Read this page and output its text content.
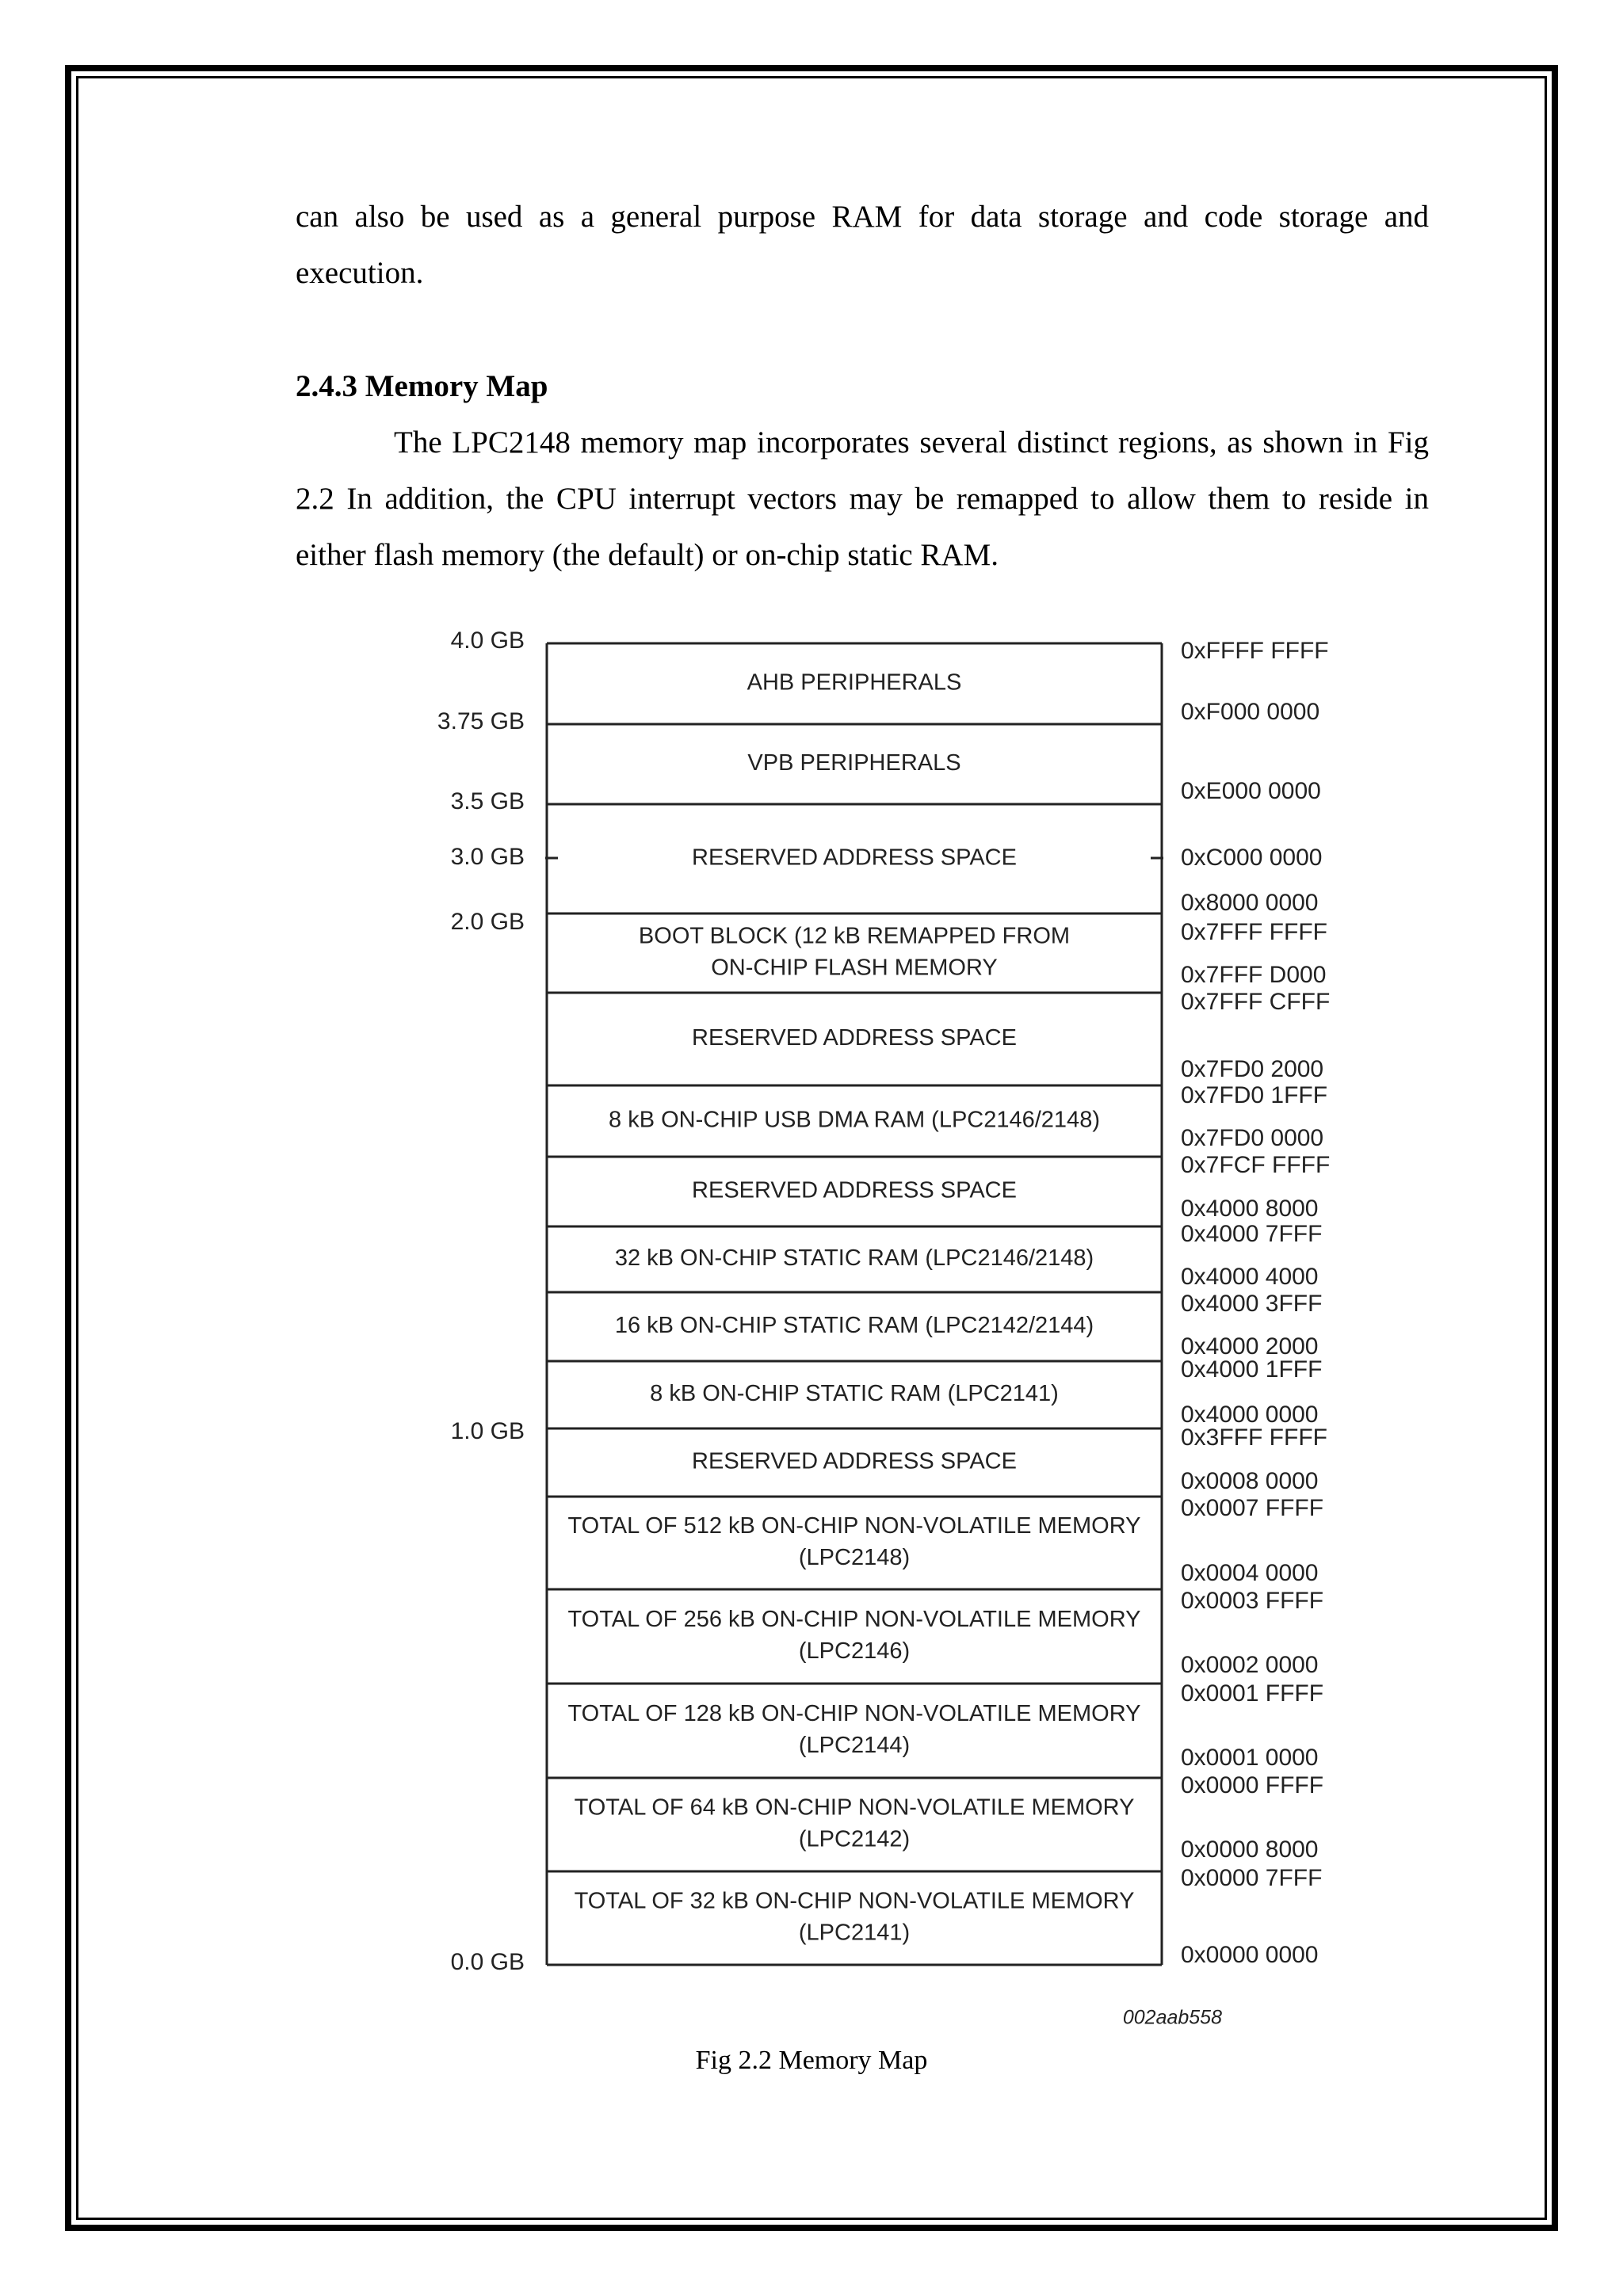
can also be used as a general purpose RAM for data storage and code storage and execution.

2.4.3 Memory Map

The LPC2148 memory map incorporates several distinct regions, as shown in Fig 2.2 In addition, the CPU interrupt vectors may be remapped to allow them to reside in either flash memory (the default) or on-chip static RAM.

AHB PERIPHERALS
VPB PERIPHERALS
RESERVED ADDRESS SPACE
BOOT BLOCK (12 kB REMAPPED FROM
ON-CHIP FLASH MEMORY
RESERVED ADDRESS SPACE
8 kB ON-CHIP USB DMA RAM (LPC2146/2148)
RESERVED ADDRESS SPACE
32 kB ON-CHIP STATIC RAM (LPC2146/2148)
16 kB ON-CHIP STATIC RAM (LPC2142/2144)
8 kB ON-CHIP STATIC RAM (LPC2141)
RESERVED ADDRESS SPACE
TOTAL OF 512 kB ON-CHIP NON-VOLATILE MEMORY
(LPC2148)
TOTAL OF 256 kB ON-CHIP NON-VOLATILE MEMORY
(LPC2146)
TOTAL OF 128 kB ON-CHIP NON-VOLATILE MEMORY
(LPC2144)
TOTAL OF 64 kB ON-CHIP NON-VOLATILE MEMORY
(LPC2142)
TOTAL OF 32 kB ON-CHIP NON-VOLATILE MEMORY
(LPC2141)
4.0 GB
3.75 GB
3.5 GB
3.0 GB
2.0 GB
1.0 GB
0.0 GB
0xFFFF FFFF
0xF000 0000
0xE000 0000
0xC000 0000
0x8000 0000
0x7FFF FFFF
0x7FFF D000
0x7FFF CFFF
0x7FD0 2000
0x7FD0 1FFF
0x7FD0 0000
0x7FCF FFFF
0x4000 8000
0x4000 7FFF
0x4000 4000
0x4000 3FFF
0x4000 2000
0x4000 1FFF
0x4000 0000
0x3FFF FFFF
0x0008 0000
0x0007 FFFF
0x0004 0000
0x0003 FFFF
0x0002 0000
0x0001 FFFF
0x0001 0000
0x0000 FFFF
0x0000 8000
0x0000 7FFF
0x0000 0000
002aab558

Fig 2.2 Memory Map
